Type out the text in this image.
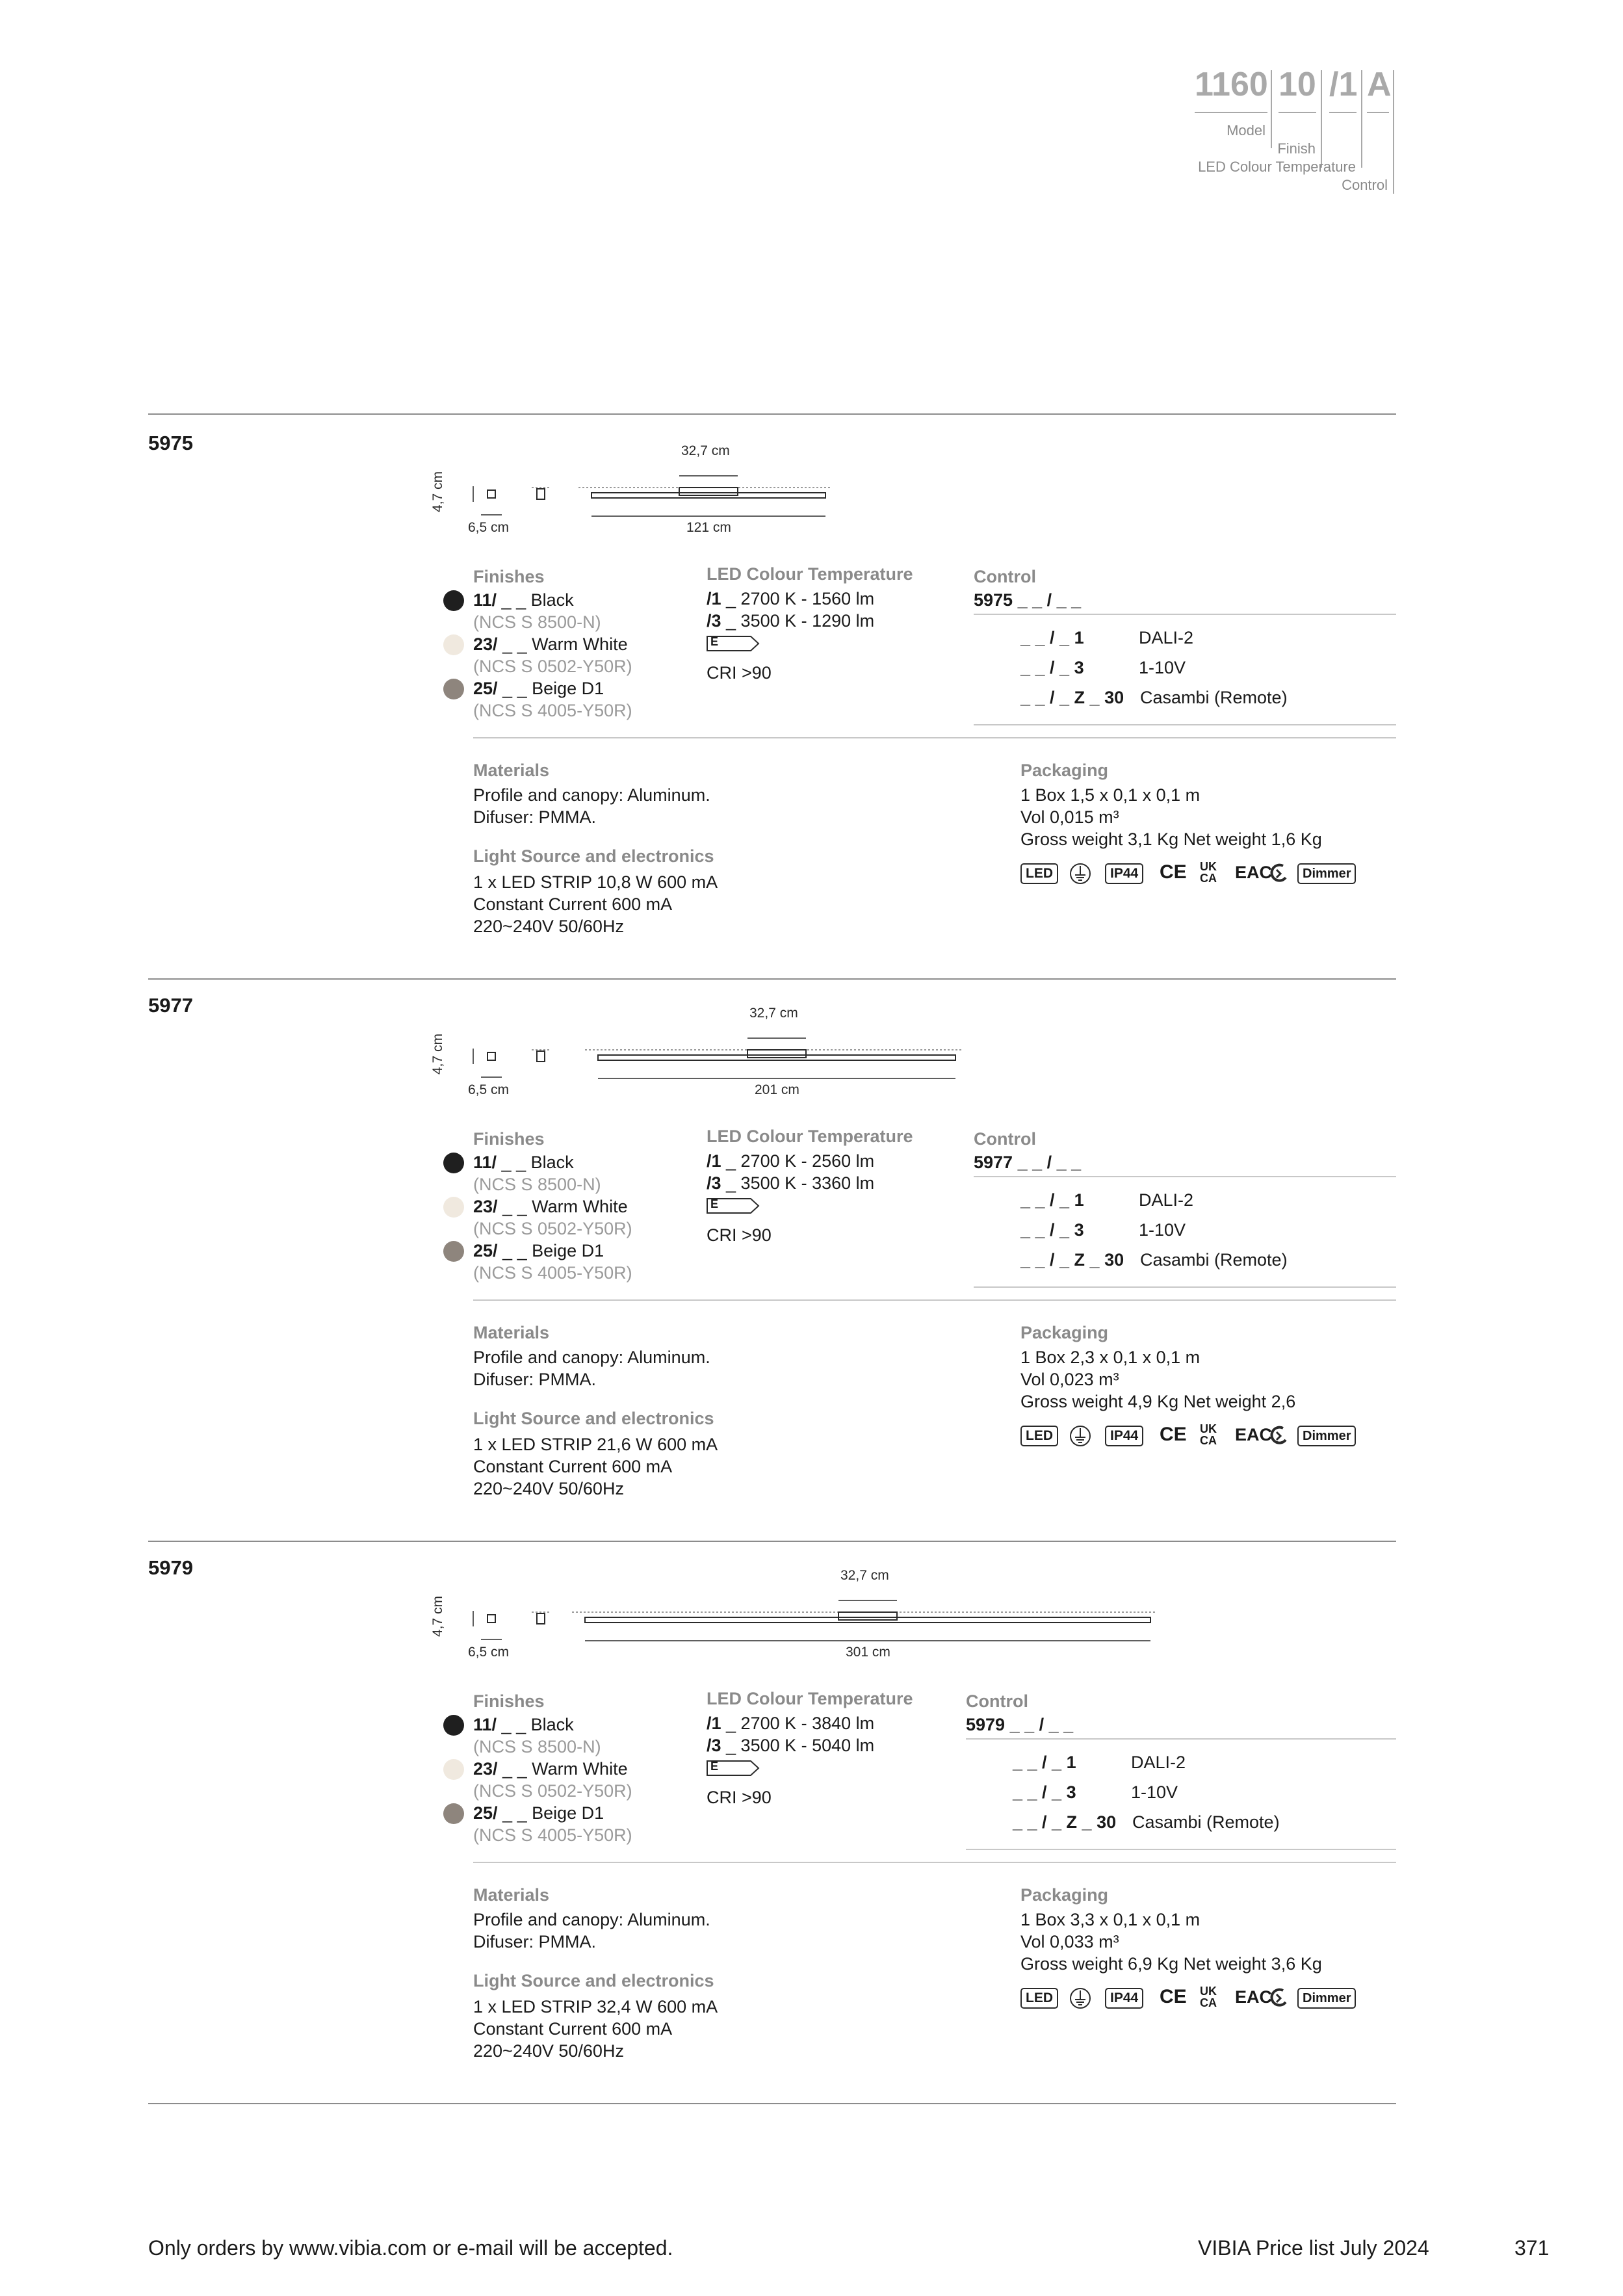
1160 10 /1 A
Model
Finish
LED Colour Temperature
Control
5975	32,7 cm
121 cm
6,5 cm
4,7 cm
Finishes
11/ _ _ Black
(NCS S 8500-N)
23/ _ _ Warm White
(NCS S 0502-Y50R)
25/ _ _ Beige D1
(NCS S 4005-Y50R)
LED Colour Temperature
/1 _ 2700 K - 1560 lm
/3 _ 3500 K - 1290 lm
E
CRI >90
Control
5975 _ _ / _ _
_ _ / _ 1	DALI-2
_ _ / _ 3	1-10V
_ _ / _ Z _ 30 Casambi (Remote)
Materials
Profile and canopy: Aluminum.
Difuser: PMMA.
Light Source and electronics
1 x LED STRIP 10,8 W 600 mA
Constant Current 600 mA
220~240V 50/60Hz
Packaging
1 Box 1,5 x 0,1 x 0,1 m
Vol 0,015 m³
Gross weight 3,1 Kg Net weight 1,6 Kg
LED	IP44 CE UK
CA EAC	Dimmer
5977	32,7 cm
201 cm
6,5 cm
4,7 cm
Finishes
11/ _ _ Black
(NCS S 8500-N)
23/ _ _ Warm White
(NCS S 0502-Y50R)
25/ _ _ Beige D1
(NCS S 4005-Y50R)
LED Colour Temperature
/1 _ 2700 K - 2560 lm
/3 _ 3500 K - 3360 lm
E
CRI >90
Control
5977 _ _ / _ _
_ _ / _ 1	DALI-2
_ _ / _ 3	1-10V
_ _ / _ Z _ 30 Casambi (Remote)
Materials
Profile and canopy: Aluminum.
Difuser: PMMA.
Light Source and electronics
1 x LED STRIP 21,6 W 600 mA
Constant Current 600 mA
220~240V 50/60Hz
Packaging
1 Box 2,3 x 0,1 x 0,1 m
Vol 0,023 m³
Gross weight 4,9 Kg Net weight 2,6
LED	IP44 CE UK
CA EAC	Dimmer
5979	32,7 cm
301 cm
6,5 cm
4,7 cm
Finishes
11/ _ _ Black
(NCS S 8500-N)
23/ _ _ Warm White
(NCS S 0502-Y50R)
25/ _ _ Beige D1
(NCS S 4005-Y50R)
LED Colour Temperature
/1 _ 2700 K - 3840 lm
/3 _ 3500 K - 5040 lm
E
CRI >90
Control
5979 _ _ / _ _
_ _ / _ 1	DALI-2
_ _ / _ 3	1-10V
_ _ / _ Z _ 30 Casambi (Remote)
Materials
Profile and canopy: Aluminum.
Difuser: PMMA.
Light Source and electronics
1 x LED STRIP 32,4 W 600 mA
Constant Current 600 mA
220~240V 50/60Hz
Packaging
1 Box 3,3 x 0,1 x 0,1 m
Vol 0,033 m³
Gross weight 6,9 Kg Net weight 3,6 Kg
LED	IP44 CE UK
CA EAC	Dimmer
Only orders by www.vibia.com or e-mail will be accepted.	VIBIA Price list July 2024	371
